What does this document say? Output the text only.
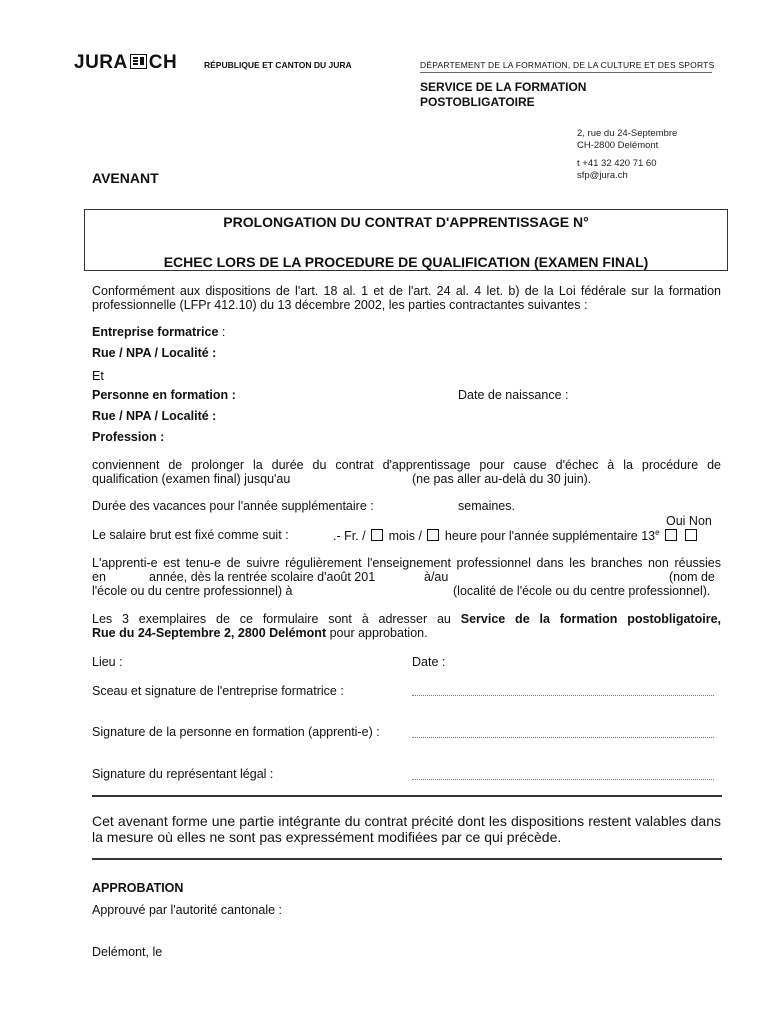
JURA CH	RÉPUBLIQUE ET CANTON DU JURA	DÉPARTEMENT DE LA FORMATION, DE LA CULTURE ET DES SPORTS
SERVICE DE LA FORMATION
POSTOBLIGATOIRE
2, rue du 24-Septembre
CH-2800 Delémont
t +41 32 420 71 60
sfp@jura.ch
AVENANT
PROLONGATION DU CONTRAT D'APPRENTISSAGE N°
ECHEC LORS DE LA PROCEDURE DE QUALIFICATION (EXAMEN FINAL)
Conformément aux dispositions de l'art. 18 al. 1 et de l'art. 24 al. 4 let. b) de la Loi fédérale sur la formation professionnelle (LFPr 412.10) du 13 décembre 2002, les parties contractantes suivantes :
Entreprise formatrice :
Rue / NPA / Localité :
Et
Personne en formation :	Date de naissance :
Rue / NPA / Localité :
Profession :
conviennent de prolonger la durée du contrat d'apprentissage pour cause d'échec à la procédure de
qualification (examen final) jusqu'au	(ne pas aller au-delà du 30 juin).
Durée des vacances pour l'année supplémentaire :	semaines.
Oui Non
Le salaire brut est fixé comme suit :	.- Fr. / mois / heure pour l'année supplémentaire 13e
L'apprenti-e est tenu-e de suivre régulièrement l'enseignement professionnel dans les branches non réussies
en	année, dès la rentrée scolaire d'août 201	à/au	(nom de
l'école ou du centre professionnel) à	(localité de l'école ou du centre professionnel).
Les 3 exemplaires de ce formulaire sont à adresser au Service de la formation postobligatoire,
Rue du 24-Septembre 2, 2800 Delémont pour approbation.
Lieu :	Date :
Sceau et signature de l'entreprise formatrice :
Signature de la personne en formation (apprenti-e) :
Signature du représentant légal :
Cet avenant forme une partie intégrante du contrat précité dont les dispositions restent valables dans la mesure où elles ne sont pas expressément modifiées par ce qui précède.
APPROBATION
Approuvé par l'autorité cantonale :
Delémont, le
